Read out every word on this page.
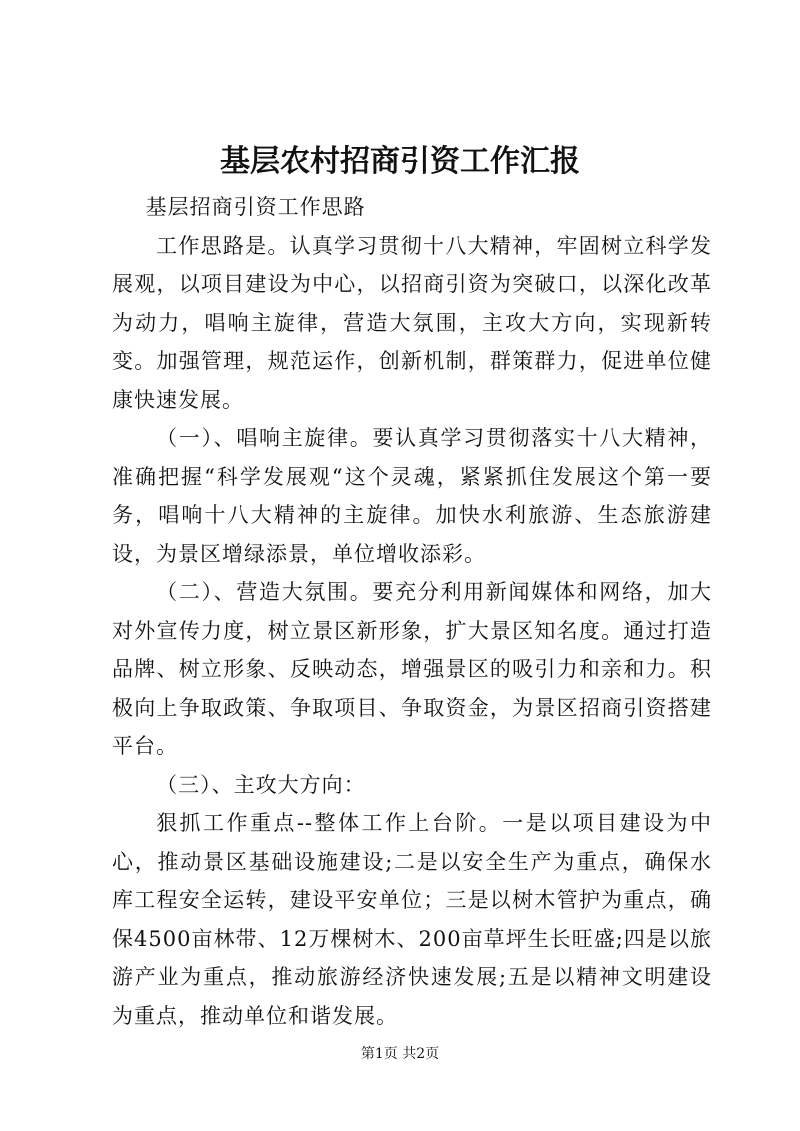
基层农村招商引资工作汇报

基层招商引资工作思路

工作思路是。认真学习贯彻十八大精神，牢固树立科学发展观，以项目建设为中心，以招商引资为突破口，以深化改革为动力，唱响主旋律，营造大氛围，主攻大方向，实现新转变。加强管理，规范运作，创新机制，群策群力，促进单位健康快速发展。

（一）、唱响主旋律。要认真学习贯彻落实十八大精神，准确把握“科学发展观“这个灵魂，紧紧抓住发展这个第一要务，唱响十八大精神的主旋律。加快水利旅游、生态旅游建设，为景区增绿添景，单位增收添彩。

（二）、营造大氛围。要充分利用新闻媒体和网络，加大对外宣传力度，树立景区新形象，扩大景区知名度。通过打造品牌、树立形象、反映动态，增强景区的吸引力和亲和力。积极向上争取政策、争取项目、争取资金，为景区招商引资搭建平台。

（三）、主攻大方向：

狠抓工作重点--整体工作上台阶。一是以项目建设为中心，推动景区基础设施建设;二是以安全生产为重点，确保水库工程安全运转，建设平安单位；三是以树木管护为重点，确保4500亩林带、12万棵树木、200亩草坪生长旺盛;四是以旅游产业为重点，推动旅游经济快速发展;五是以精神文明建设为重点，推动单位和谐发展。

第1页 共2页
